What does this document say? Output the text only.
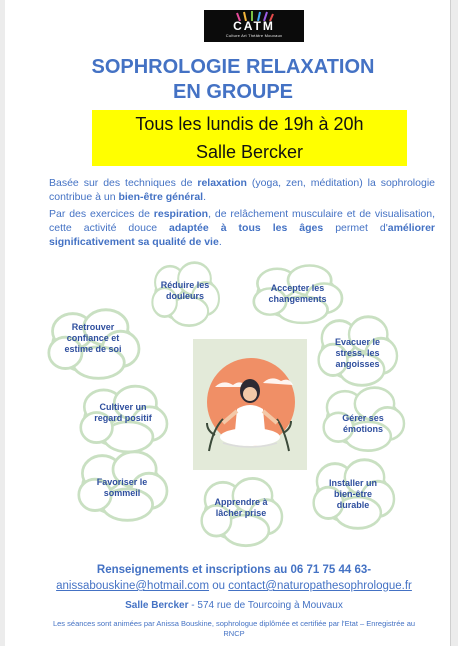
CATM
Culture Art Théâtre Mouvaux
SOPHROLOGIE RELAXATION
EN GROUPE
Tous les lundis de 19h à 20h
Salle Bercker
Basée sur des techniques de relaxation (yoga, zen, méditation) la sophrologie contribue à un bien-être général.
Par des exercices de respiration, de relâchement musculaire et de visualisation, cette activité douce adaptée à tous les âges permet d'améliorer significativement sa qualité de vie.
Réduire les douleurs
Accepter les changements
Retrouver confiance et estime de soi
Evacuer le stress, les angoisses
Cultiver un regard positif	Gérer ses émotions
Favoriser le sommeil
Installer un bien-être durable
Apprendre à lâcher prise
Renseignements et inscriptions au 06 71 75 44 63-
anissabouskine@hotmail.com ou contact@naturopathesophrologue.fr
Salle Bercker - 574 rue de Tourcoing à Mouvaux
Les séances sont animées par Anissa Bouskine, sophrologue diplômée et certifiée par l'Etat – Enregistrée au RNCP
